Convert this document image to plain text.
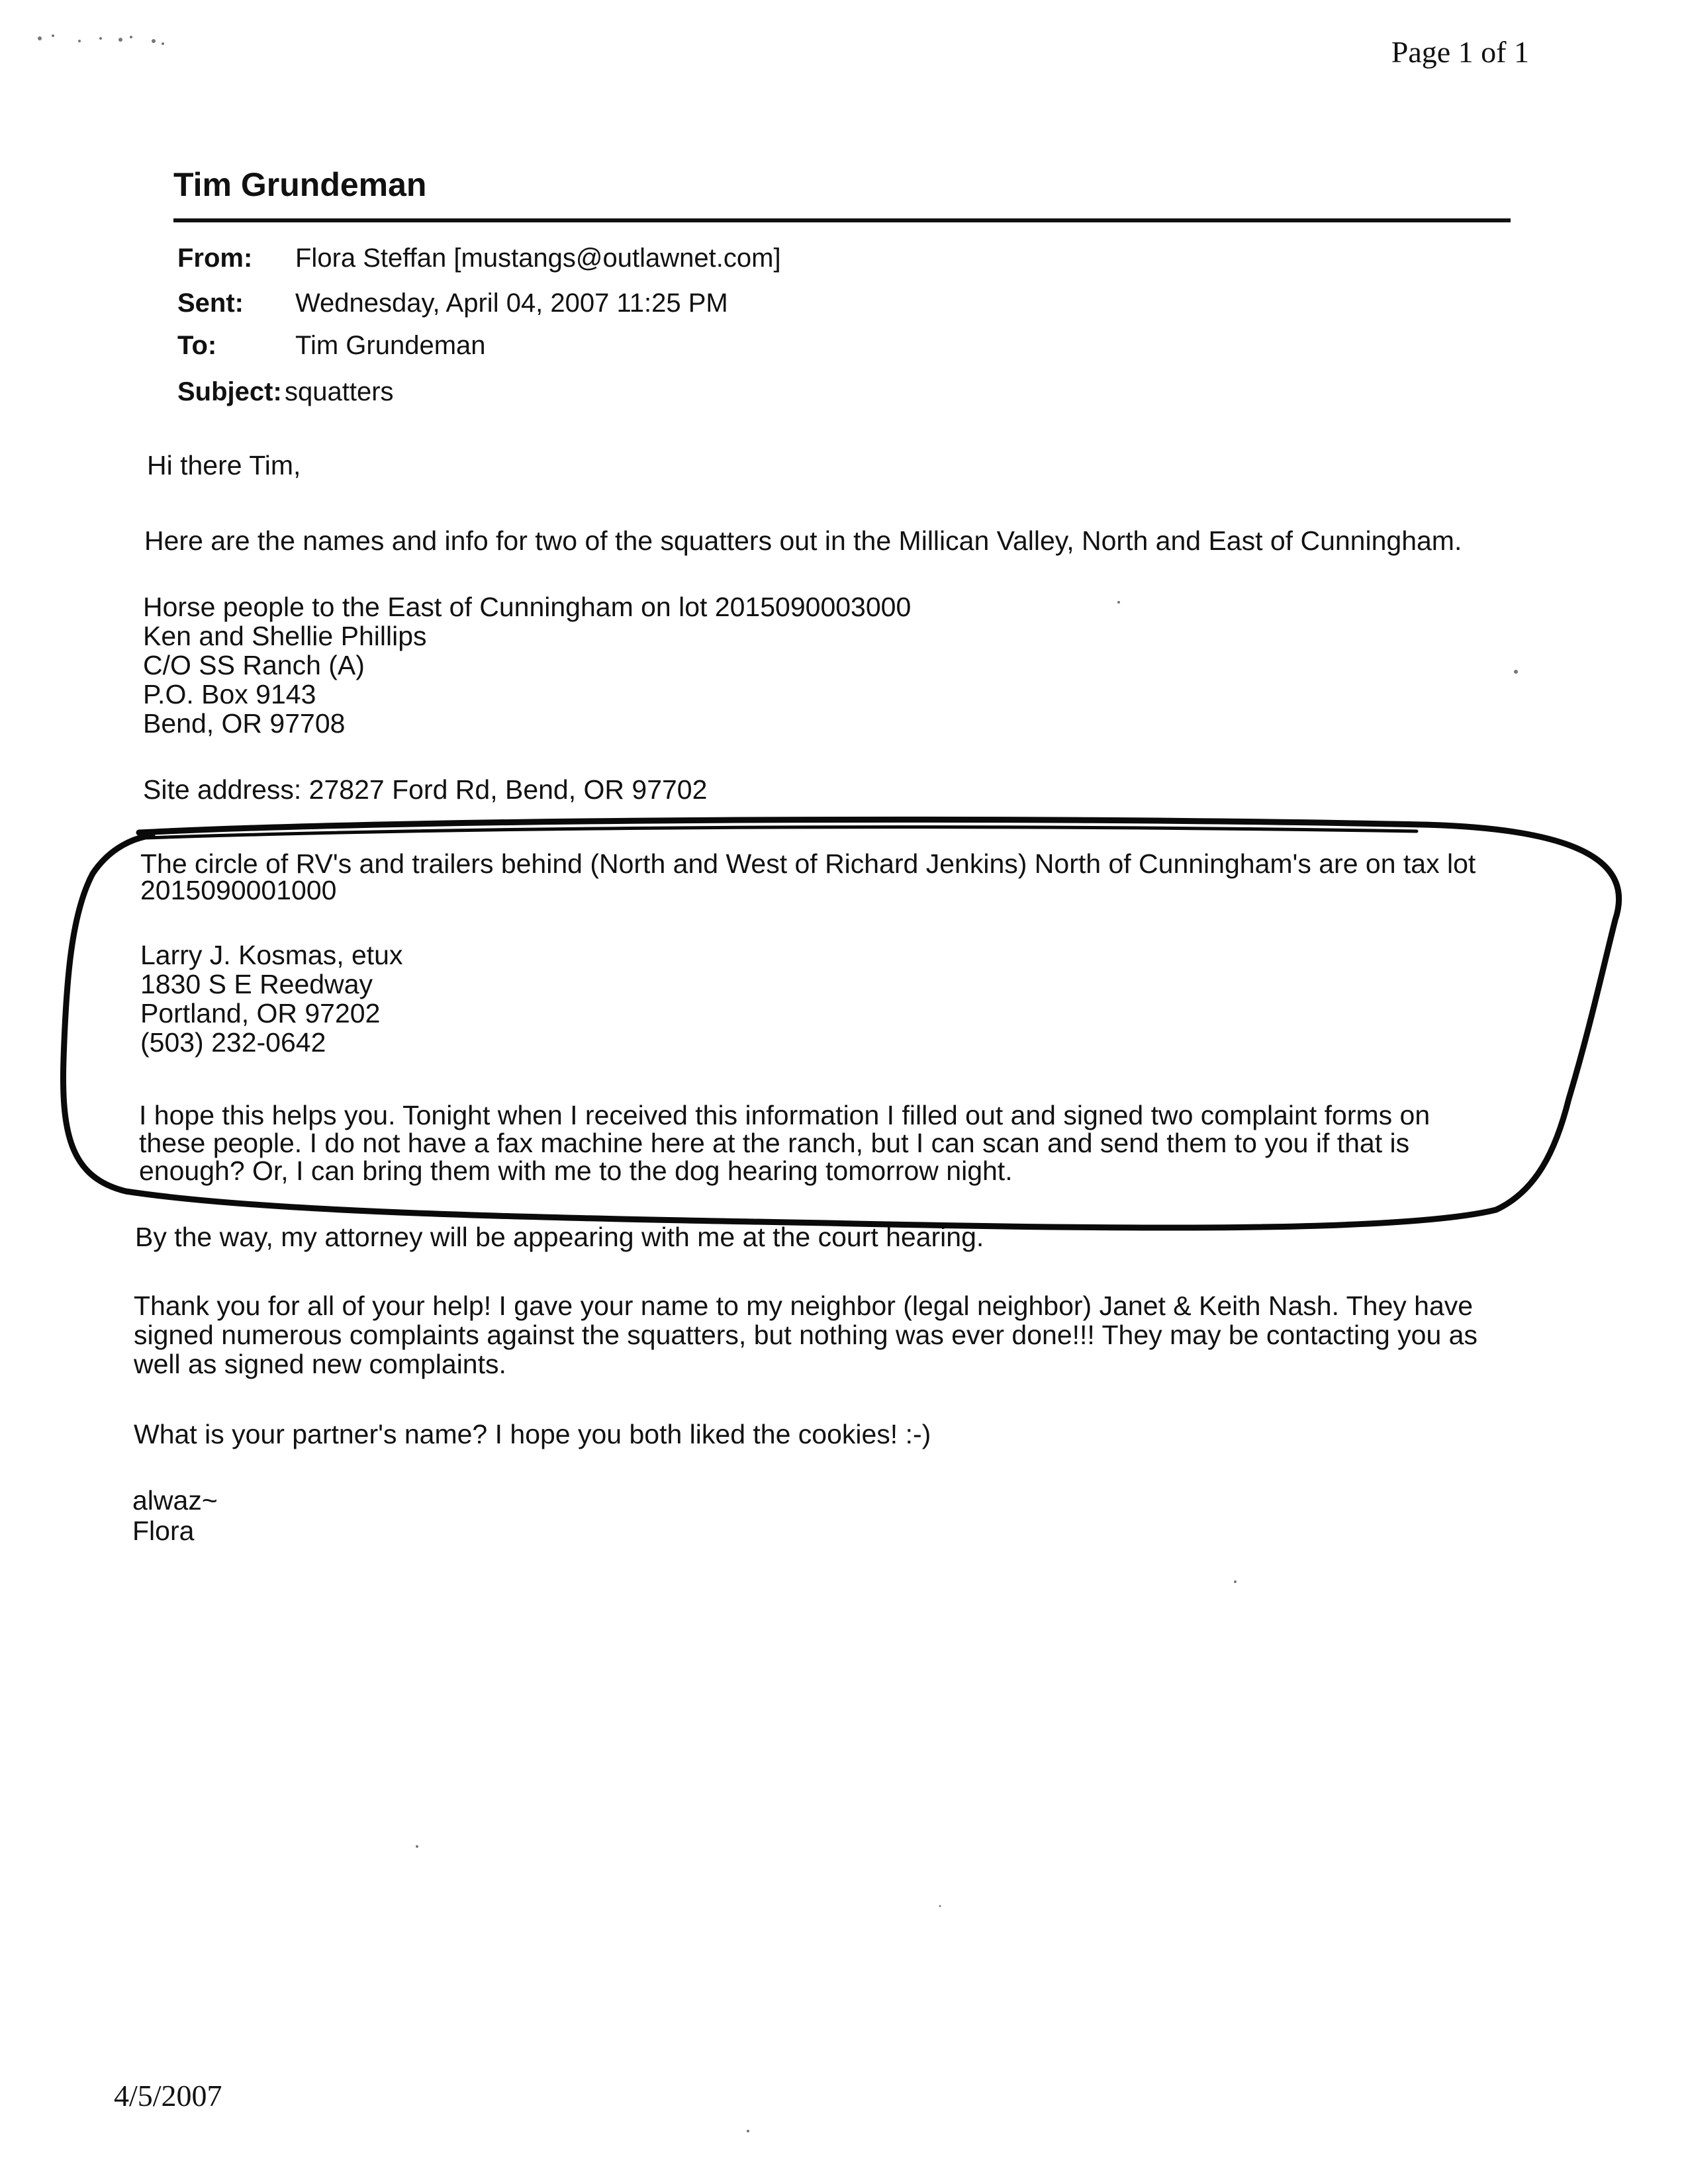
Page 1 of 1
Tim Grundeman
From: Flora Steffan [mustangs@outlawnet.com]
Sent: Wednesday, April 04, 2007 11:25 PM
To:	Tim Grundeman
Subject: squatters
Hi there Tim,
Here are the names and info for two of the squatters out in the Millican Valley, North and East of Cunningham.
Horse people to the East of Cunningham on lot 2015090003000
Ken and Shellie Phillips
C/O SS Ranch (A)
P.O. Box 9143
Bend, OR 97708
Site address: 27827 Ford Rd, Bend, OR 97702
The circle of RV's and trailers behind (North and West of Richard Jenkins) North of Cunningham's are on tax lot
2015090001000
Larry J. Kosmas, etux
1830 S E Reedway
Portland, OR 97202
(503) 232-0642
I hope this helps you. Tonight when I received this information I filled out and signed two complaint forms on
these people. I do not have a fax machine here at the ranch, but I can scan and send them to you if that is
enough? Or, I can bring them with me to the dog hearing tomorrow night.
By the way, my attorney will be appearing with me at the court hearing.
Thank you for all of your help! I gave your name to my neighbor (legal neighbor) Janet & Keith Nash. They have
signed numerous complaints against the squatters, but nothing was ever done!!! They may be contacting you as
well as signed new complaints.
What is your partner's name? I hope you both liked the cookies! :-)
alwaz~
Flora
4/5/2007
